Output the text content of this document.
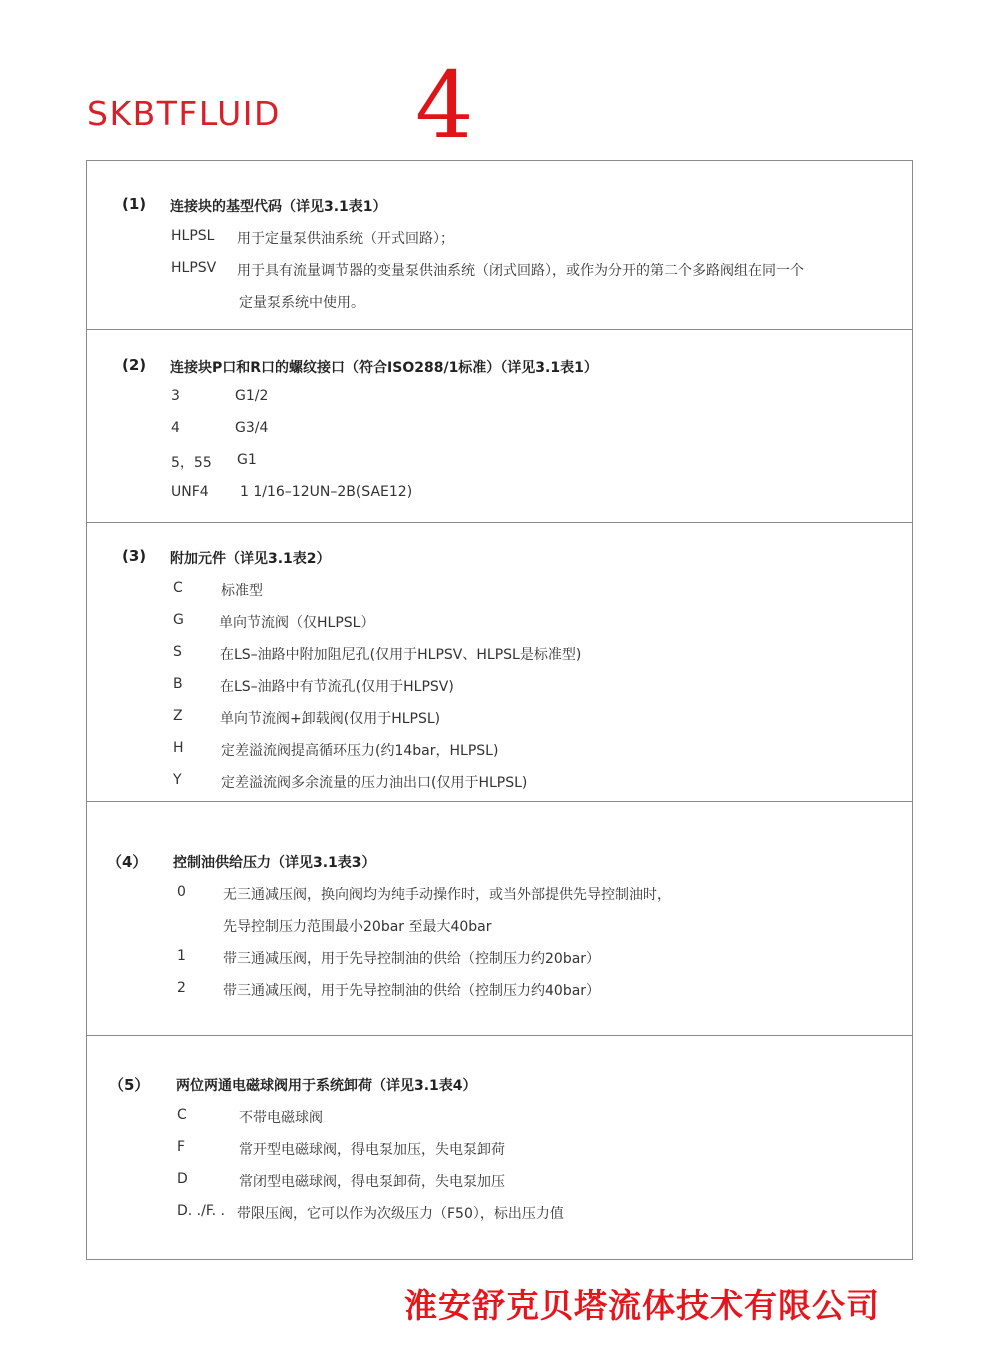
SKBTFLUID 4
(1) 连接块的基型代码（详见3.1表1）
HLPSL 用于定量泵供油系统（开式回路）；
HLPSV 用于具有流量调节器的变量泵供油系统（闭式回路），或作为分开的第二个多路阀组在同一个
定量泵系统中使用。
(2) 连接块P口和R口的螺纹接口（符合ISO288/1标准）（详见3.1表1）
3	G1/2
4	G3/4
5，55 G1
UNF4 1 1/16–12UN–2B(SAE12)
(3) 附加元件（详见3.1表2）
C	标准型
G	单向节流阀（仅HLPSL）
S	在LS–油路中附加阻尼孔(仅用于HLPSV、HLPSL是标准型)
B	在LS–油路中有节流孔(仅用于HLPSV)
Z	单向节流阀+卸载阀(仅用于HLPSL)
H	定差溢流阀提高循环压力(约14bar，HLPSL)
Y	定差溢流阀多余流量的压力油出口(仅用于HLPSL)
（4） 控制油供给压力（详见3.1表3）
0	无三通减压阀，换向阀均为纯手动操作时，或当外部提供先导控制油时，
先导控制压力范围最小20bar 至最大40bar
1	带三通减压阀，用于先导控制油的供给（控制压力约20bar）
2	带三通减压阀，用于先导控制油的供给（控制压力约40bar）
（5） 两位两通电磁球阀用于系统卸荷（详见3.1表4）
C	不带电磁球阀
F	常开型电磁球阀，得电泵加压，失电泵卸荷
D	常闭型电磁球阀，得电泵卸荷，失电泵加压
D. ./F. . 带限压阀，它可以作为次级压力（F50），标出压力值
淮安舒克贝塔流体技术有限公司
